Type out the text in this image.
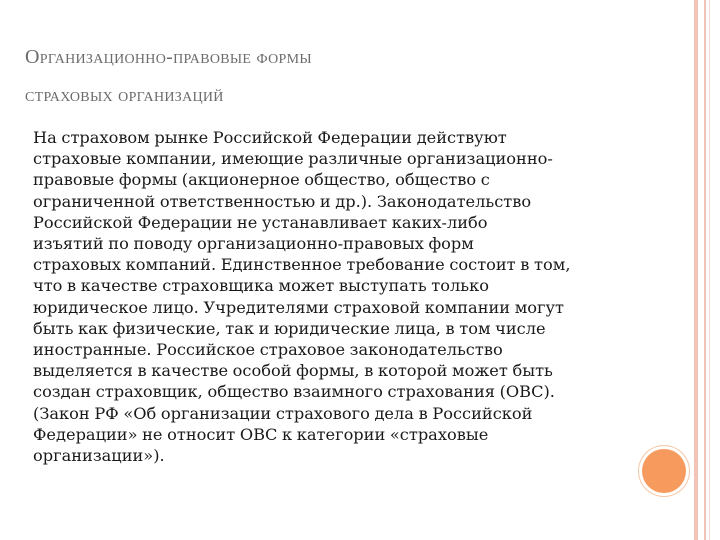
Организационно-правовые формы
страховых организаций

На страховом рынке Российской Федерации действуют
страховые компании, имеющие различные организационно-
правовые формы (акционерное общество, общество с
ограниченной ответственностью и др.). Законодательство
Российской Федерации не устанавливает каких-либо
изъятий по поводу организационно-правовых форм
страховых компаний. Единственное требование состоит в том,
что в качестве страховщика может выступать только
юридическое лицо. Учредителями страховой компании могут
быть как физические, так и юридические лица, в том числе
иностранные. Российское страховое законодательство
выделяется в качестве особой формы, в которой может быть
создан страховщик, общество взаимного страхования (ОВС).
(Закон РФ «Об организации страхового дела в Российской
Федерации» не относит ОВС к категории «страховые
организации»).
